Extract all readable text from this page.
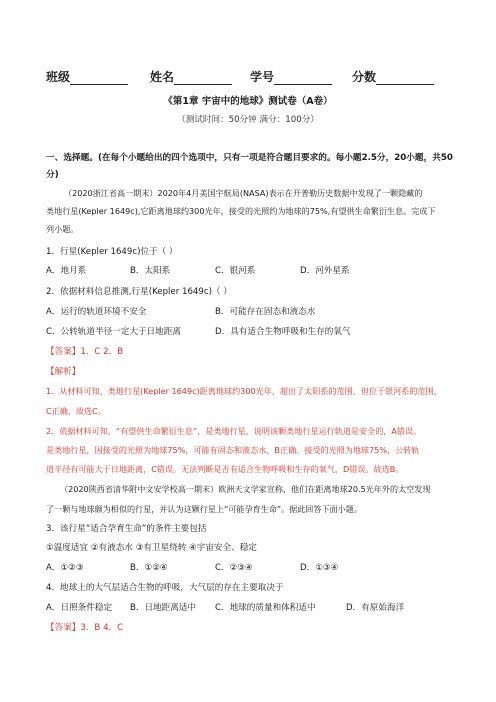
班级	姓名	学号	分数
《第1章 宇宙中的地球》测试卷（A卷）
（测试时间：50分钟 满分：100分）
一、选择题。(在每个小题给出的四个选项中，只有一项是符合题目要求的。每小题2.5分，20小题，共50
分)
（2020浙江省高一期末）2020年4月美国宇航局(NASA)表示在开普勒历史数据中发现了一颗隐藏的
类地行星(Kepler 1649c),它距离地球约300光年，接受的光照约为地球的75%,有望供生命繁衍生息。完成下
列小题。
1．行星(Kepler 1649c)位于（ ）
A．地月系	B．太阳系	C．银河系	D．河外星系
2．依据材料信息推测,行星(Kepler 1649c)（ ）
A．运行的轨道环境不安全	B．可能存在固态和液态水
C．公转轨道半径一定大于日地距离	D．具有适合生物呼吸和生存的氧气
【答案】1．C 2．B
【解析】
1．从材料可知，类地行星(Kepler 1649c)距离地球约300光年，超出了太阳系的范围，但位于银河系的范围，
C正确，故选C。
2．依据材料可知，“有望供生命繁衍生息”，是类地行星，说明该颗类地行星运行轨道是安全的，A错误。
是类地行星，因接受的光照为地球75%，可能有固态和液态水，B正确。接受的光照为地球75%，公转轨
道半径有可能大于日地距离，C错误。无法判断是否有适合生物呼吸和生存的氧气，D错误。故选B。
（2020陕西省清华附中文安学校高一期末）欧洲天文学家宣称，他们在距离地球20.5光年外的太空发现
了一颗与地球颇为相似的行星，并认为这颗行星上“可能孕育生命”。据此回答下面小题。
3．该行星“适合孕育生命”的条件主要包括
①温度适宜 ②有液态水 ③有卫星绕转 ④宇宙安全、稳定
A．①②③	B．①②④	C．②③④	D．①③④
4．地球上的大气层适合生物的呼吸，大气层的存在主要取决于
A．日照条件稳定 B．日地距离适中 C．地球的质量和体积适中	D．有原始海洋
【答案】3．B 4．C
